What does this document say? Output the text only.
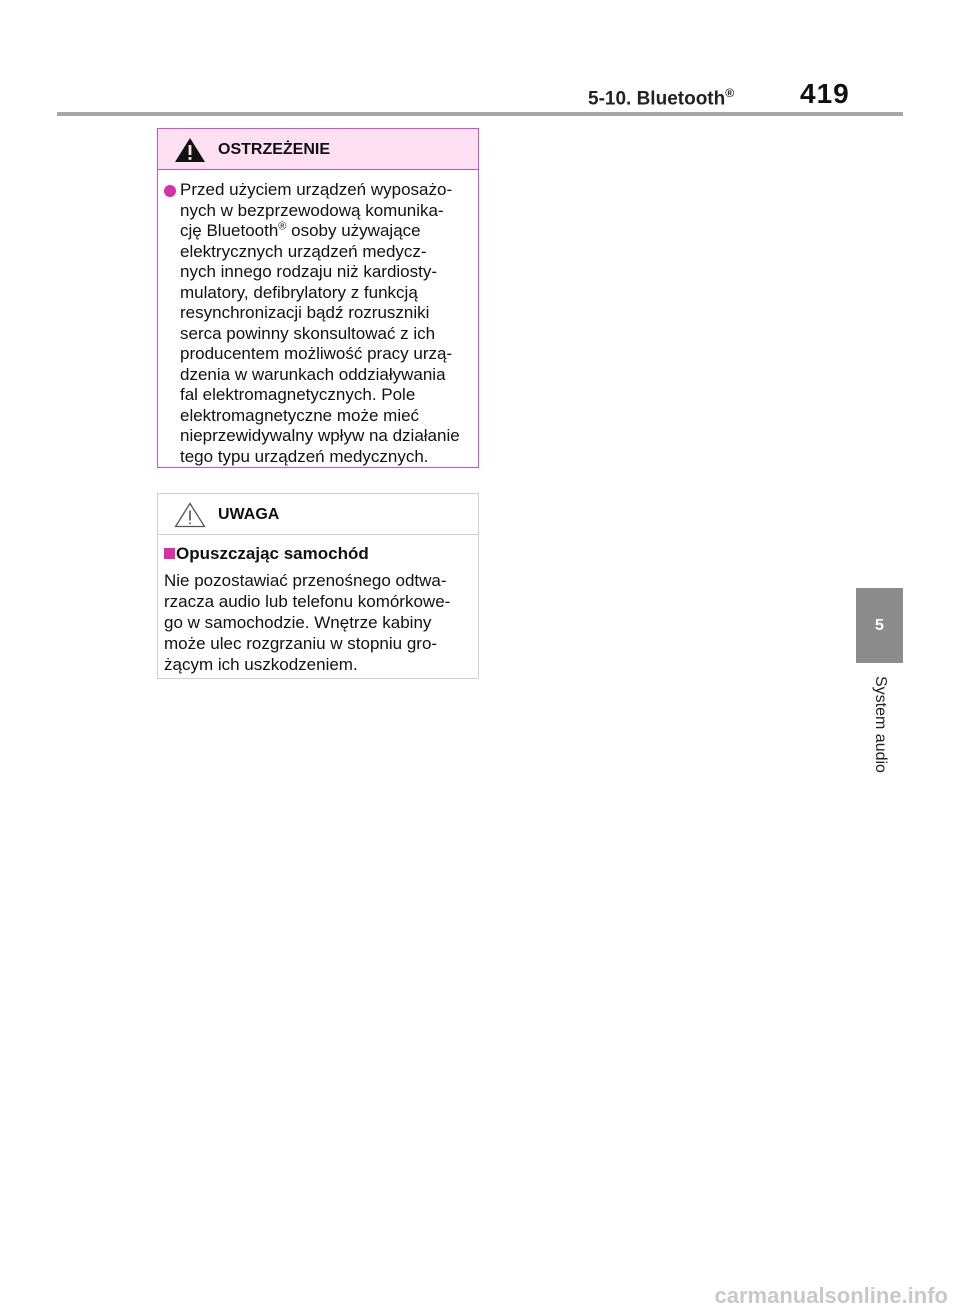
5-10. Bluetooth® 419
5
System audio
OSTRZEŻENIE

Przed użyciem urządzeń wyposażo-

nych w bezprzewodową komunika-

cję Bluetooth® osoby używające

elektrycznych urządzeń medycz-

nych innego rodzaju niż kardiosty-

mulatory, defibrylatory z funkcją

resynchronizacji bądź rozruszniki

serca powinny skonsultować z ich

producentem możliwość pracy urzą-

dzenia w warunkach oddziaływania

fal elektromagnetycznych. Pole

elektromagnetyczne może mieć

nieprzewidywalny wpływ na działanie

tego typu urządzeń medycznych.

UWAGA
Opuszczając samochód

Nie pozostawiać przenośnego odtwa-

rzacza audio lub telefonu komórkowe-

go w samochodzie. Wnętrze kabiny

może ulec rozgrzaniu w stopniu gro-

żącym ich uszkodzeniem.

carmanualsonline.info
